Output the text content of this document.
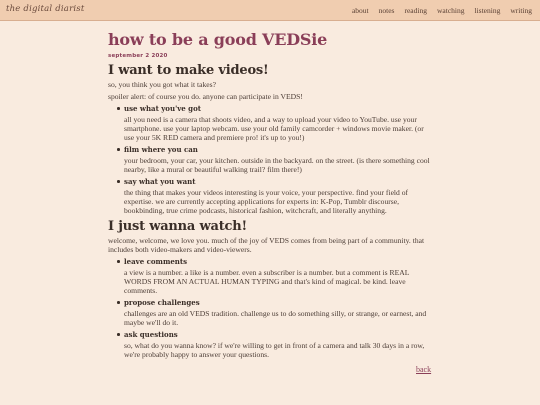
the digital diarist	about notes reading watching listening writing
how to be a good VEDSie
september 2 2020
I want to make videos!

so, you think you got what it takes?

spoiler alert: of course you do. anyone can participate in VEDS!

use what you've got
all you need is a camera that shoots video, and a way to upload your video to YouTube. use your smartphone. use your laptop webcam. use your old family camcorder + windows movie maker. (or use your 5K RED camera and premiere pro! it's up to you!)
film where you can
your bedroom, your car, your kitchen. outside in the backyard. on the street. (is there something cool nearby, like a mural or beautiful walking trail? film there!)
say what you want
the thing that makes your videos interesting is your voice, your perspective. find your field of expertise. we are currently accepting applications for experts in: K-Pop, Tumblr discourse, bookbinding, true crime podcasts, historical fashion, witchcraft, and literally anything.
I just wanna watch!

welcome, welcome, we love you. much of the joy of VEDS comes from being part of a community. that includes both video-makers and video-viewers.

leave comments
a view is a number. a like is a number. even a subscriber is a number. but a comment is REAL WORDS FROM AN ACTUAL HUMAN TYPING and that's kind of magical. be kind. leave comments.
propose challenges
challenges are an old VEDS tradition. challenge us to do something silly, or strange, or earnest, and maybe we'll do it.
ask questions
so, what do you wanna know? if we're willing to get in front of a camera and talk 30 days in a row, we're probably happy to answer your questions.
back
